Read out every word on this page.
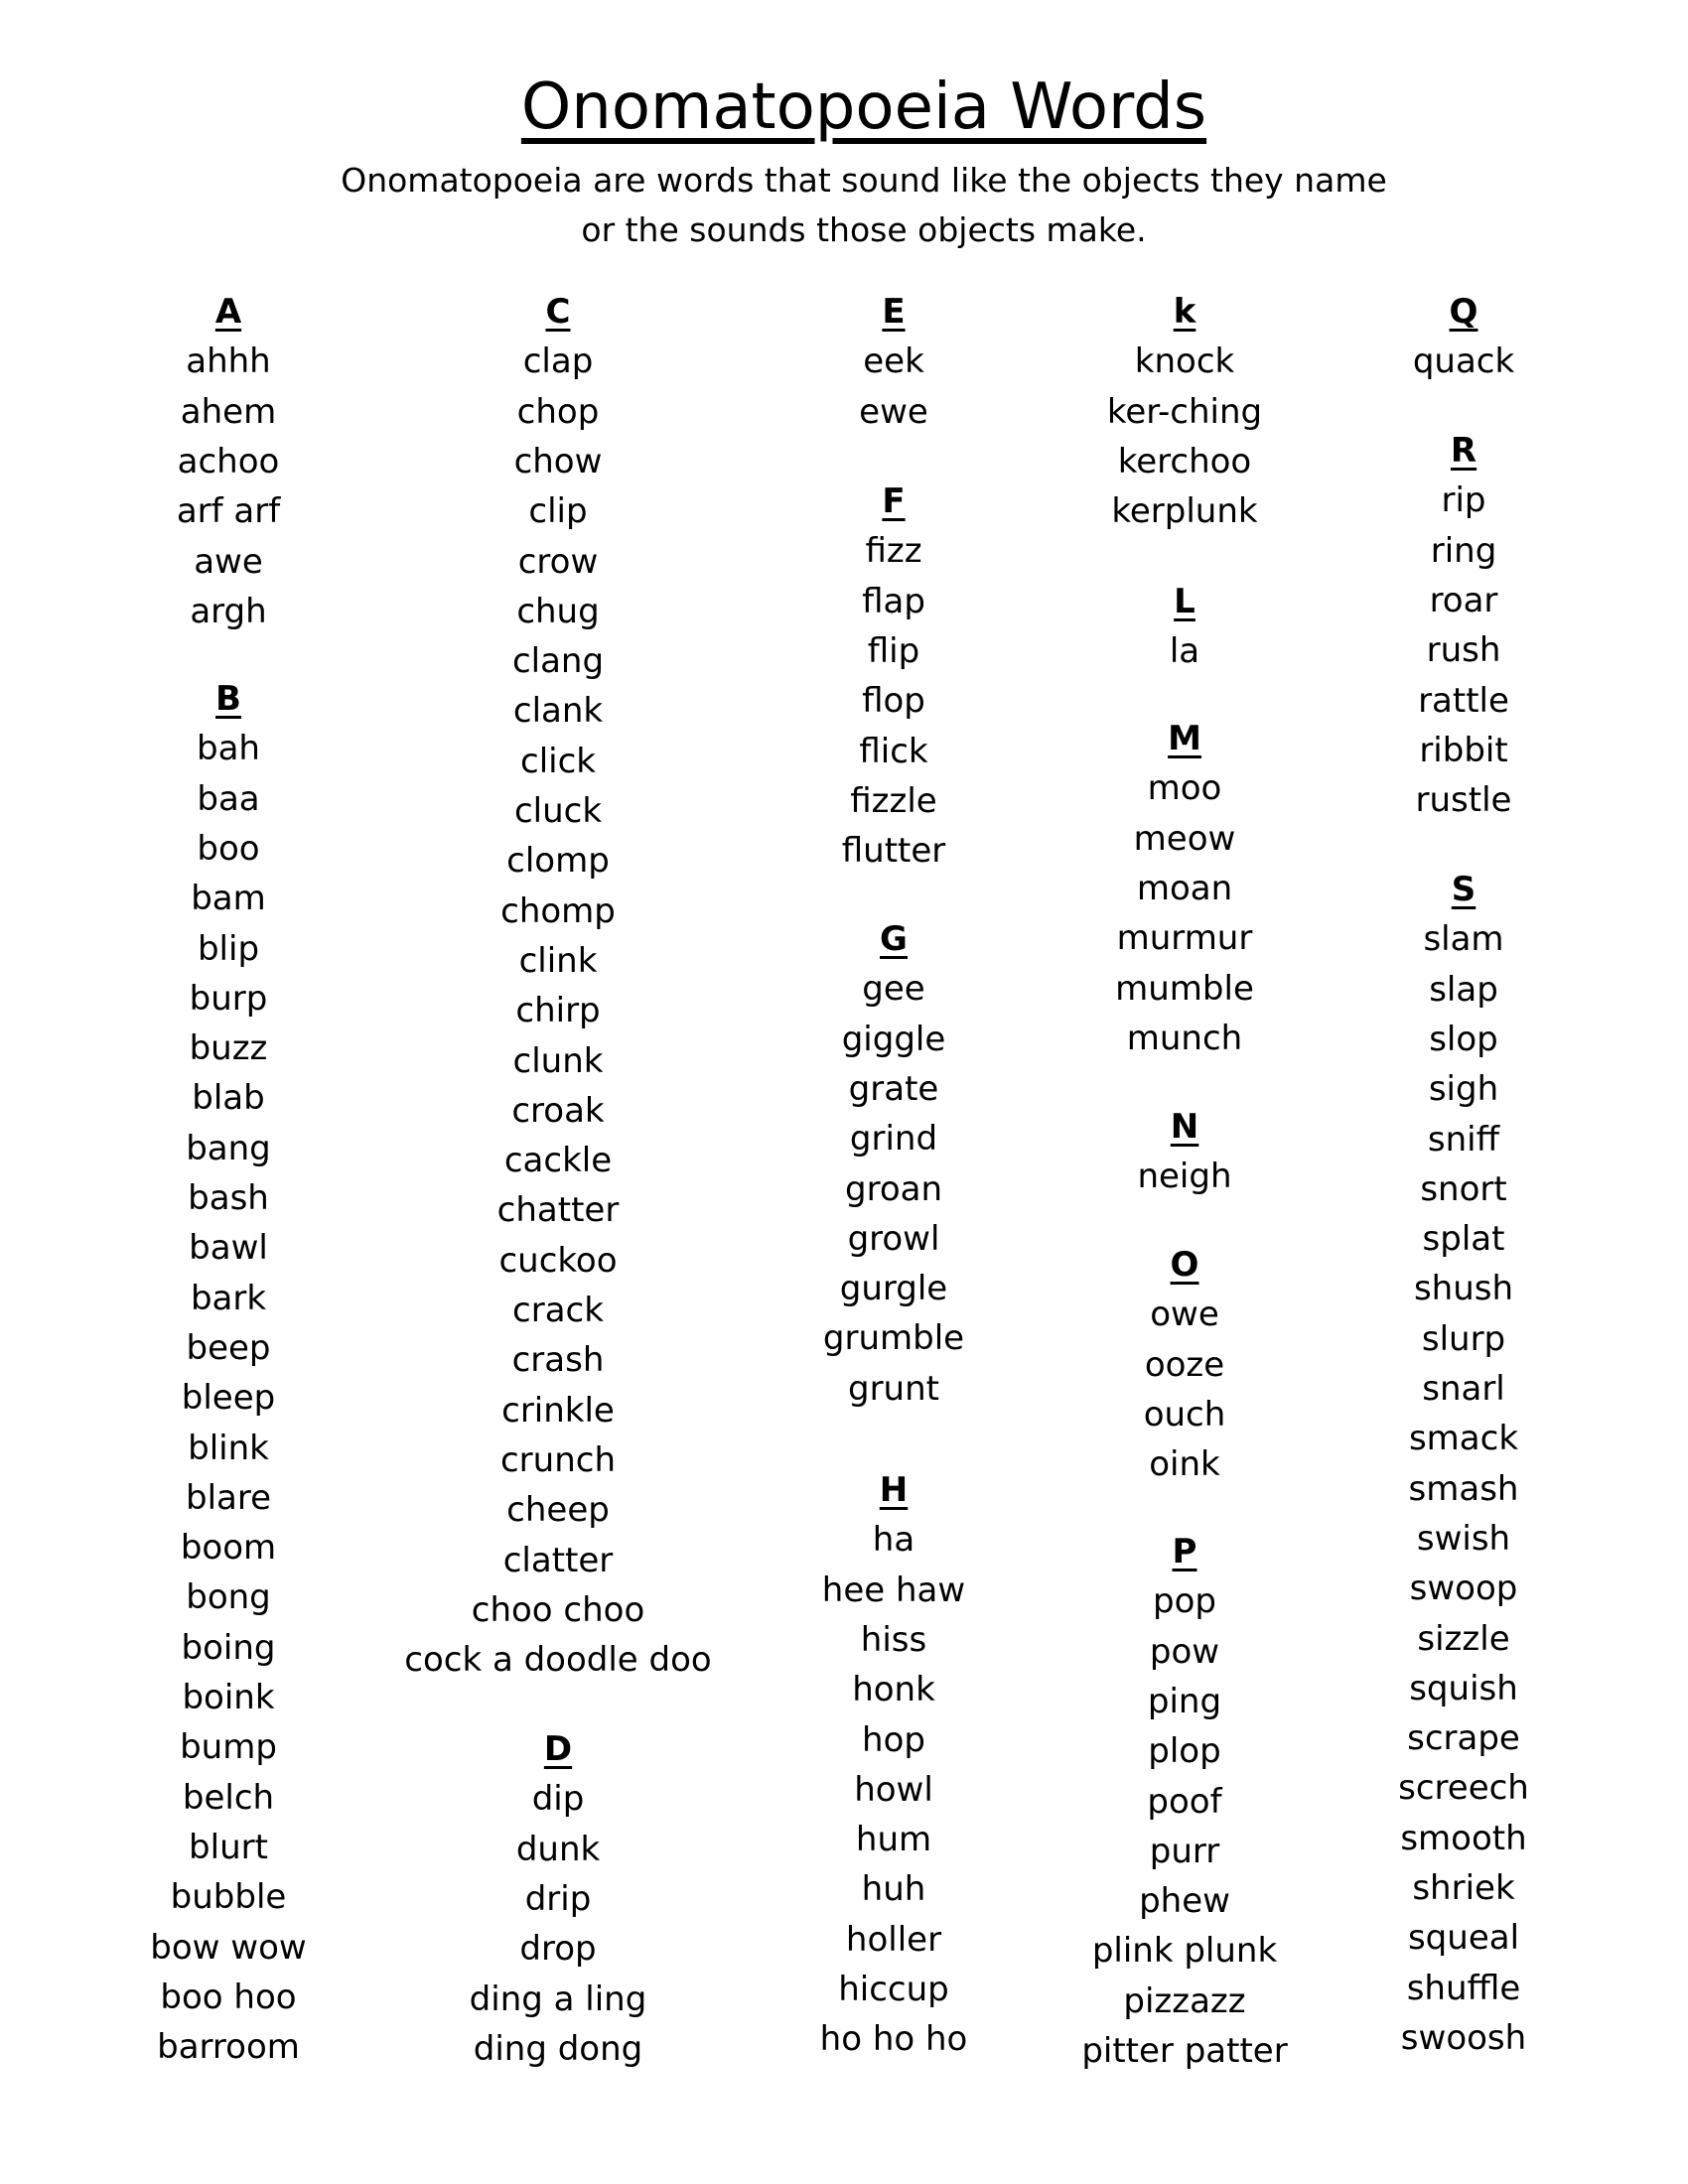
Onomatopoeia Words
Onomatopoeia are words that sound like the objects they name
or the sounds those objects make.
A
ahhh
ahem
achoo
arf arf
awe
argh
B
bah
baa
boo
bam
blip
burp
buzz
blab
bang
bash
bawl
bark
beep
bleep
blink
blare
boom
bong
boing
boink
bump
belch
blurt
bubble
bow wow
boo hoo
barroom
C
clap
chop
chow
clip
crow
chug
clang
clank
click
cluck
clomp
chomp
clink
chirp
clunk
croak
cackle
chatter
cuckoo
crack
crash
crinkle
crunch
cheep
clatter
choo choo
cock a doodle doo
D
dip
dunk
drip
drop
ding a ling
ding dong
E
eek
ewe
F
fizz
flap
flip
flop
flick
fizzle
flutter
G
gee
giggle
grate
grind
groan
growl
gurgle
grumble
grunt
H
ha
hee haw
hiss
honk
hop
howl
hum
huh
holler
hiccup
ho ho ho
k
knock
ker-ching
kerchoo
kerplunk
L
la
M
moo
meow
moan
murmur
mumble
munch
N
neigh
O
owe
ooze
ouch
oink
P
pop
pow
ping
plop
poof
purr
phew
plink plunk
pizzazz
pitter patter
Q
quack
R
rip
ring
roar
rush
rattle
ribbit
rustle
S
slam
slap
slop
sigh
sniff
snort
splat
shush
slurp
snarl
smack
smash
swish
swoop
sizzle
squish
scrape
screech
smooth
shriek
squeal
shuffle
swoosh
